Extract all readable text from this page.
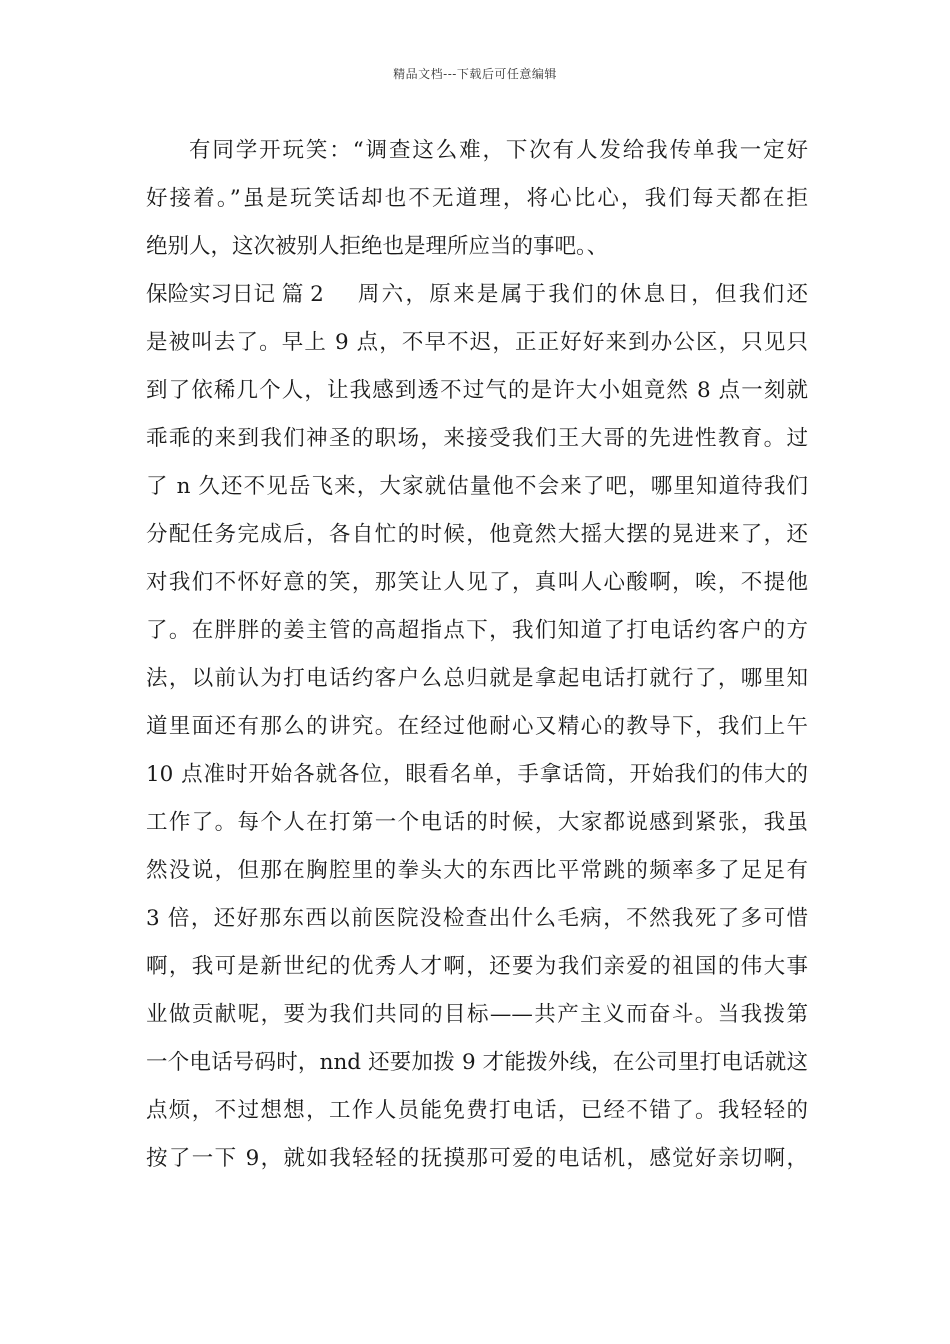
精品文档---下载后可任意编辑
有同学开玩笑：“调查这么难，下次有人发给我传单我一定好
好接着。”虽是玩笑话却也不无道理，将心比心，我们每天都在拒
绝别人，这次被别人拒绝也是理所应当的事吧。、
保险实习日记 篇 2 周六，原来是属于我们的休息日，但我们还
是被叫去了。早上 9 点，不早不迟，正正好好来到办公区，只见只
到了依稀几个人，让我感到透不过气的是许大小姐竟然 8 点一刻就
乖乖的来到我们神圣的职场，来接受我们王大哥的先进性教育。过
了 n 久还不见岳飞来，大家就估量他不会来了吧，哪里知道待我们
分配任务完成后，各自忙的时候，他竟然大摇大摆的晃进来了，还
对我们不怀好意的笑，那笑让人见了，真叫人心酸啊，唉，不提他
了。在胖胖的姜主管的高超指点下，我们知道了打电话约客户的方
法，以前认为打电话约客户么总归就是拿起电话打就行了，哪里知
道里面还有那么的讲究。在经过他耐心又精心的教导下，我们上午
10 点准时开始各就各位，眼看名单，手拿话筒，开始我们的伟大的
工作了。每个人在打第一个电话的时候，大家都说感到紧张，我虽
然没说，但那在胸腔里的拳头大的东西比平常跳的频率多了足足有
3 倍，还好那东西以前医院没检查出什么毛病，不然我死了多可惜
啊，我可是新世纪的优秀人才啊，还要为我们亲爱的祖国的伟大事
业做贡献呢，要为我们共同的目标——共产主义而奋斗。当我拨第
一个电话号码时，nnd 还要加拨 9 才能拨外线，在公司里打电话就这
点烦，不过想想，工作人员能免费打电话，已经不错了。我轻轻的
按了一下 9，就如我轻轻的抚摸那可爱的电话机，感觉好亲切啊，
